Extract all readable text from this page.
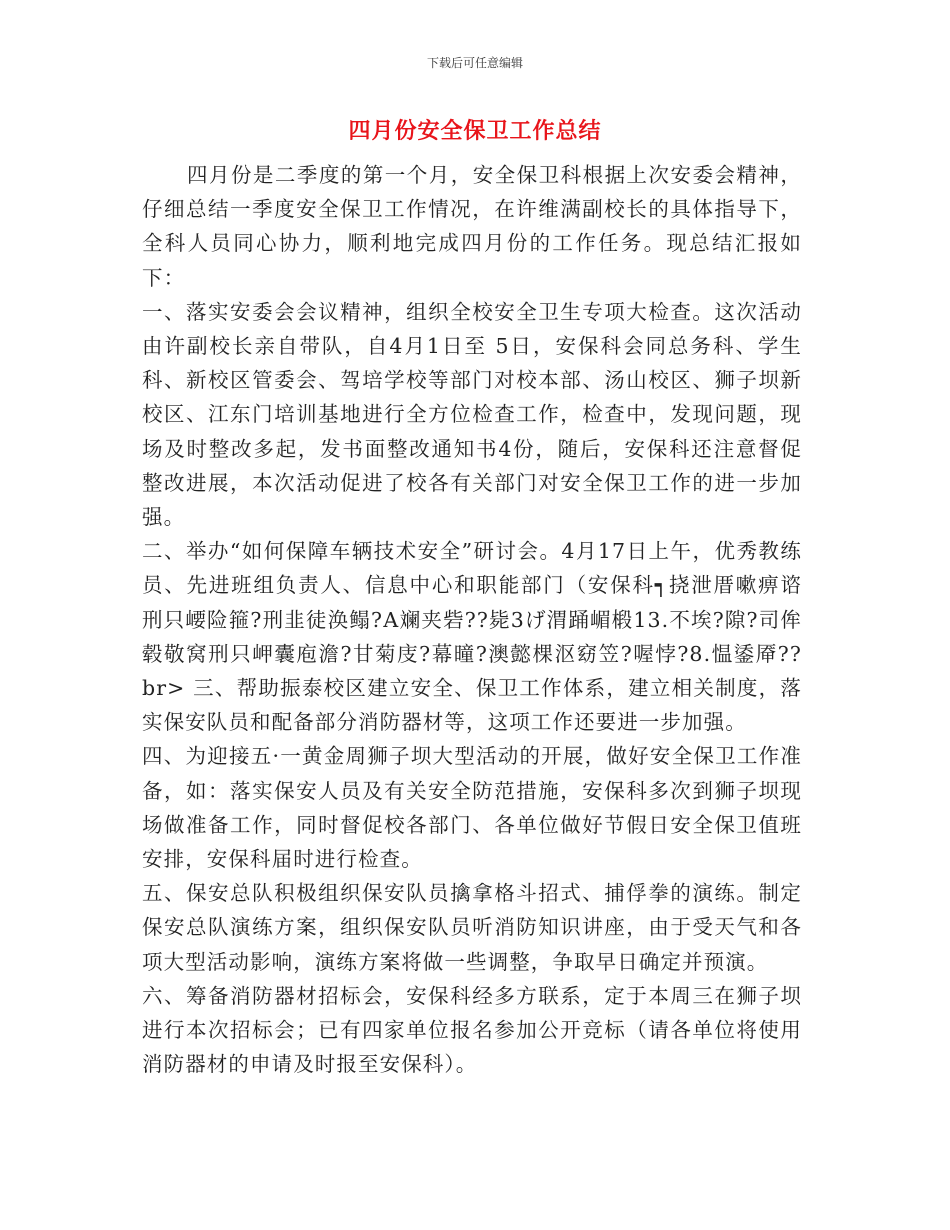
下载后可任意编辑
四月份安全保卫工作总结

四月份是二季度的第一个月，安全保卫科根据上次安委会精神，仔细总结一季度安全保卫工作情况，在许维满副校长的具体指导下，全科人员同心协力，顺利地完成四月份的工作任务。现总结汇报如下：

一、落实安委会会议精神，组织全校安全卫生专项大检查。这次活动由许副校长亲自带队，自4月1日至 5日，安保科会同总务科、学生科、新校区管委会、驾培学校等部门对校本部、汤山校区、狮子坝新校区、江东门培训基地进行全方位检查工作，检查中，发现问题，现场及时整改多起，发书面整改通知书4份，随后，安保科还注意督促整改进展，本次活动促进了校各有关部门对安全保卫工作的进一步加强。

二、举办“如何保障车辆技术安全”研讨会。4月17日上午，优秀教练员、先进班组负责人、信息中心和职能部门（安保科┑挠泄厝嗽痹谘刑只崾险箍?刑韭徒涣鳎?А斓夹砦??毙3げ渭踊嵋椴13.不埃?隙?司侔毂敬窝刑只岬囊庖澹?甘菊庋?幕曈?澳懿棵沤窈笠?喔悖?8.愠鋈厣??br> 三、帮助振泰校区建立安全、保卫工作体系，建立相关制度，落实保安队员和配备部分消防器材等，这项工作还要进一步加强。

四、为迎接五·一黄金周狮子坝大型活动的开展，做好安全保卫工作准备，如：落实保安人员及有关安全防范措施，安保科多次到狮子坝现场做准备工作，同时督促校各部门、各单位做好节假日安全保卫值班安排，安保科届时进行检查。

五、保安总队积极组织保安队员擒拿格斗招式、捕俘拳的演练。制定保安总队演练方案，组织保安队员听消防知识讲座，由于受天气和各项大型活动影响，演练方案将做一些调整，争取早日确定并预演。

六、筹备消防器材招标会，安保科经多方联系，定于本周三在狮子坝进行本次招标会；已有四家单位报名参加公开竞标（请各单位将使用消防器材的申请及时报至安保科）。
